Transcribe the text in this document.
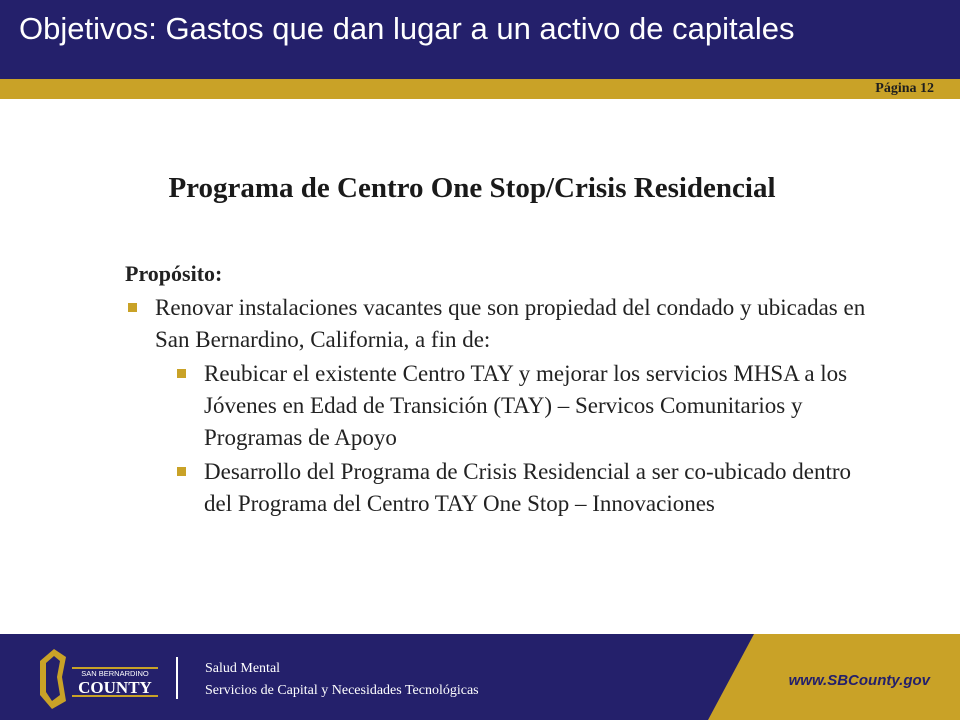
Objetivos: Gastos que dan lugar a un activo de capitales
Página 12
Programa de Centro One Stop/Crisis Residencial
Propósito:
Renovar instalaciones vacantes que son propiedad del condado y ubicadas en San Bernardino, California, a fin de:
Reubicar el existente Centro TAY y mejorar los servicios MHSA a los Jóvenes en Edad de Transición (TAY) – Servicos Comunitarios y Programas de Apoyo
Desarrollo del Programa de Crisis Residencial a ser co-ubicado dentro del Programa del Centro TAY One Stop – Innovaciones
SAN BERNARDINO
COUNTY
Salud Mental
Servicios de Capital y Necesidades Tecnológicas
www.SBCounty.gov
